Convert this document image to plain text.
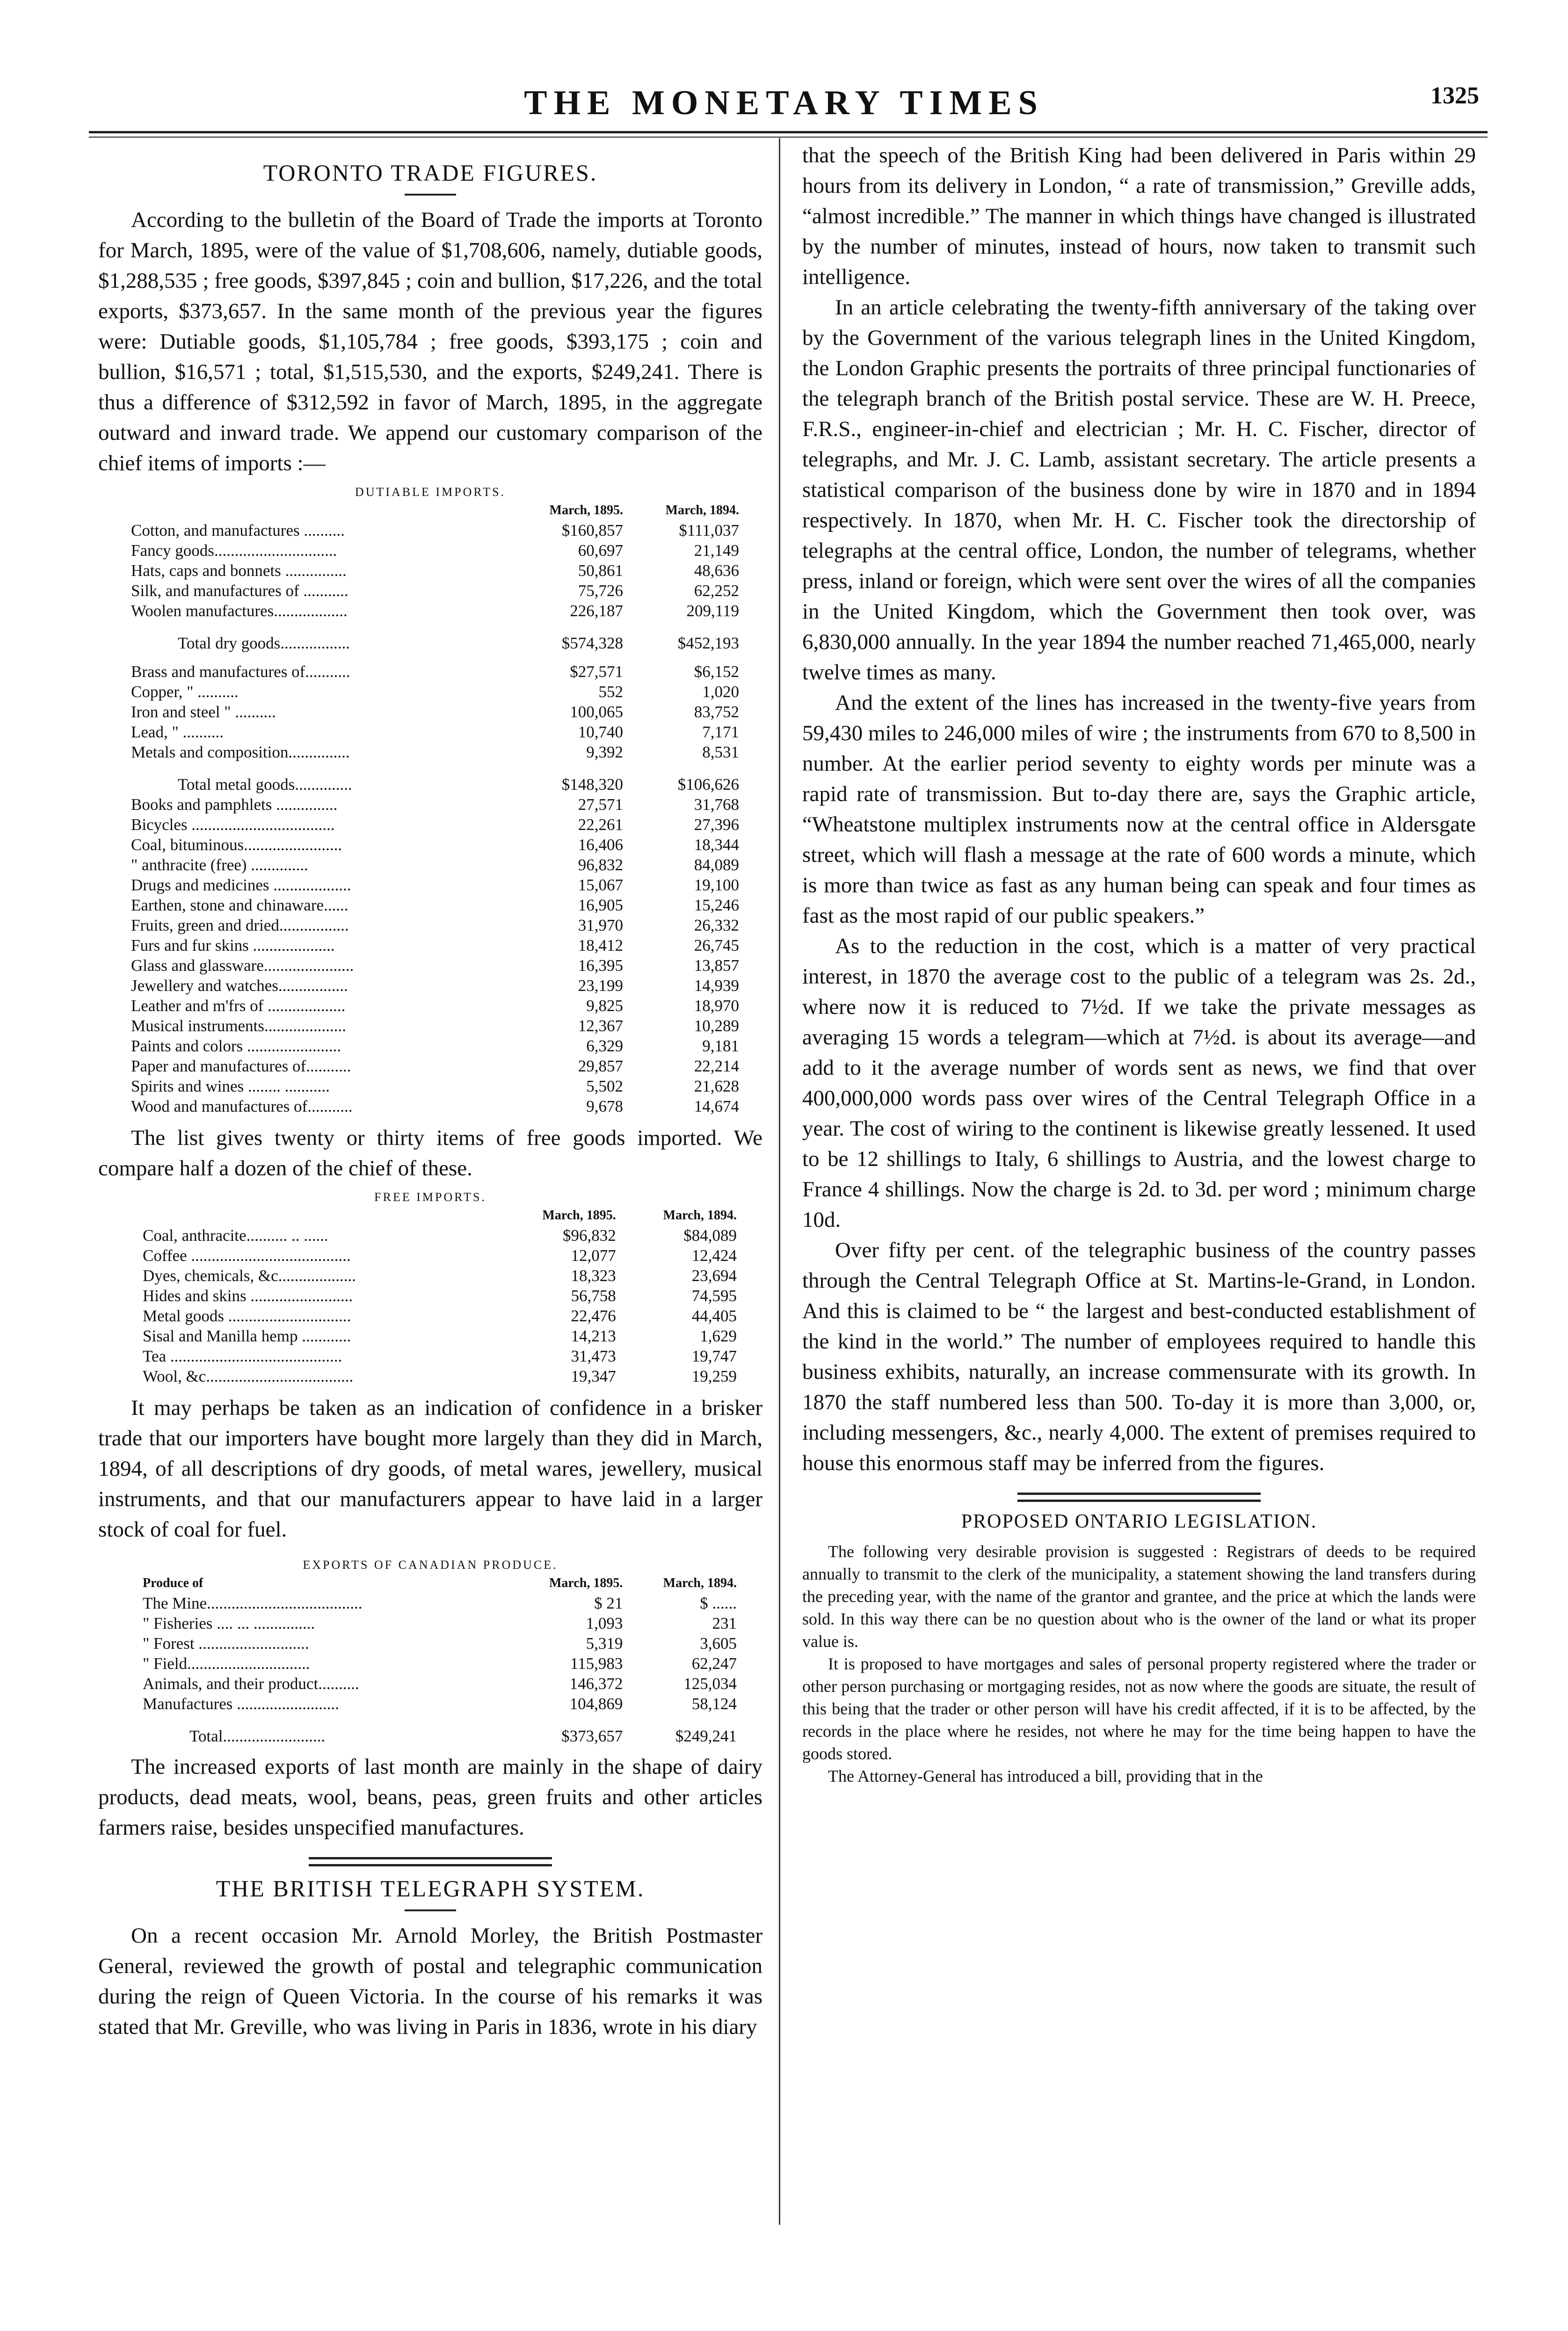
THE MONETARY TIMES	1325
TORONTO TRADE FIGURES.

According to the bulletin of the Board of Trade the imports at Toronto for March, 1895, were of the value of $1,708,606, namely, dutiable goods, $1,288,535 ; free goods, $397,845 ; coin and bullion, $17,226, and the total exports, $373,657. In the same month of the previous year the figures were: Dutiable goods, $1,105,784 ; free goods, $393,175 ; coin and bullion, $16,571 ; total, $1,515,530, and the exports, $249,241. There is thus a difference of $312,592 in favor of March, 1895, in the aggregate outward and inward trade. We append our customary comparison of the chief items of imports :—

DUTIABLE IMPORTS.
	March, 1895.	March, 1894.
Cotton, and manufactures ..........	$160,857	$111,037
Fancy goods..............................	60,697	21,149
Hats, caps and bonnets ...............	50,861	48,636
Silk, and manufactures of ...........	75,726	62,252
Woolen manufactures..................	226,187	209,119
Total dry goods.................	$574,328	$452,193
Brass and manufactures of...........	$27,571	$6,152
Copper, " ..........	552	1,020
Iron and steel " ..........	100,065	83,752
Lead, " ..........	10,740	7,171
Metals and composition...............	9,392	8,531
Total metal goods..............	$148,320	$106,626
Books and pamphlets ...............	27,571	31,768
Bicycles ...................................	22,261	27,396
Coal, bituminous........................	16,406	18,344
" anthracite (free) ..............	96,832	84,089
Drugs and medicines ...................	15,067	19,100
Earthen, stone and chinaware......	16,905	15,246
Fruits, green and dried.................	31,970	26,332
Furs and fur skins ....................	18,412	26,745
Glass and glassware......................	16,395	13,857
Jewellery and watches.................	23,199	14,939
Leather and m'frs of ...................	9,825	18,970
Musical instruments....................	12,367	10,289
Paints and colors .......................	6,329	9,181
Paper and manufactures of...........	29,857	22,214
Spirits and wines ........ ...........	5,502	21,628
Wood and manufactures of...........	9,678	14,674

The list gives twenty or thirty items of free goods imported. We compare half a dozen of the chief of these.

FREE IMPORTS.
	March, 1895.	March, 1894.
Coal, anthracite.......... .. ......	$96,832	$84,089
Coffee .......................................	12,077	12,424
Dyes, chemicals, &c...................	18,323	23,694
Hides and skins .........................	56,758	74,595
Metal goods ..............................	22,476	44,405
Sisal and Manilla hemp ............	14,213	1,629
Tea ..........................................	31,473	19,747
Wool, &c....................................	19,347	19,259

It may perhaps be taken as an indication of confidence in a brisker trade that our importers have bought more largely than they did in March, 1894, of all descriptions of dry goods, of metal wares, jewellery, musical instruments, and that our manufacturers appear to have laid in a larger stock of coal for fuel.

EXPORTS OF CANADIAN PRODUCE.
Produce of	March, 1895.	March, 1894.
The Mine......................................	$ 21	$ ......
" Fisheries .... ... ...............	1,093	231
" Forest ...........................	5,319	3,605
" Field..............................	115,983	62,247
Animals, and their product..........	146,372	125,034
Manufactures .........................	104,869	58,124
Total.........................	$373,657	$249,241

The increased exports of last month are mainly in the shape of dairy products, dead meats, wool, beans, peas, green fruits and other articles farmers raise, besides unspecified manufactures.

THE BRITISH TELEGRAPH SYSTEM.

On a recent occasion Mr. Arnold Morley, the British Postmaster General, reviewed the growth of postal and telegraphic communication during the reign of Queen Victoria. In the course of his remarks it was stated that Mr. Greville, who was living in Paris in 1836, wrote in his diary

that the speech of the British King had been delivered in Paris within 29 hours from its delivery in London, “ a rate of transmission,” Greville adds, “almost incredible.” The manner in which things have changed is illustrated by the number of minutes, instead of hours, now taken to transmit such intelligence.

In an article celebrating the twenty-fifth anniversary of the taking over by the Government of the various telegraph lines in the United Kingdom, the London Graphic presents the portraits of three principal functionaries of the telegraph branch of the British postal service. These are W. H. Preece, F.R.S., engineer-in-chief and electrician ; Mr. H. C. Fischer, director of telegraphs, and Mr. J. C. Lamb, assistant secretary. The article presents a statistical comparison of the business done by wire in 1870 and in 1894 respectively. In 1870, when Mr. H. C. Fischer took the directorship of telegraphs at the central office, London, the number of telegrams, whether press, inland or foreign, which were sent over the wires of all the companies in the United Kingdom, which the Government then took over, was 6,830,000 annually. In the year 1894 the number reached 71,465,000, nearly twelve times as many.

And the extent of the lines has increased in the twenty-five years from 59,430 miles to 246,000 miles of wire ; the instruments from 670 to 8,500 in number. At the earlier period seventy to eighty words per minute was a rapid rate of transmission. But to-day there are, says the Graphic article, “Wheatstone multiplex instruments now at the central office in Aldersgate street, which will flash a message at the rate of 600 words a minute, which is more than twice as fast as any human being can speak and four times as fast as the most rapid of our public speakers.”

As to the reduction in the cost, which is a matter of very practical interest, in 1870 the average cost to the public of a telegram was 2s. 2d., where now it is reduced to 7½d. If we take the private messages as averaging 15 words a telegram—which at 7½d. is about its average—and add to it the average number of words sent as news, we find that over 400,000,000 words pass over wires of the Central Telegraph Office in a year. The cost of wiring to the continent is likewise greatly lessened. It used to be 12 shillings to Italy, 6 shillings to Austria, and the lowest charge to France 4 shillings. Now the charge is 2d. to 3d. per word ; minimum charge 10d.

Over fifty per cent. of the telegraphic business of the country passes through the Central Telegraph Office at St. Martins-le-Grand, in London. And this is claimed to be “ the largest and best-conducted establishment of the kind in the world.” The number of employees required to handle this business exhibits, naturally, an increase commensurate with its growth. In 1870 the staff numbered less than 500. To-day it is more than 3,000, or, including messengers, &c., nearly 4,000. The extent of premises required to house this enormous staff may be inferred from the figures.

PROPOSED ONTARIO LEGISLATION.

The following very desirable provision is suggested : Registrars of deeds to be required annually to transmit to the clerk of the municipality, a statement showing the land transfers during the preceding year, with the name of the grantor and grantee, and the price at which the lands were sold. In this way there can be no question about who is the owner of the land or what its proper value is.

It is proposed to have mortgages and sales of personal property registered where the trader or other person purchasing or mortgaging resides, not as now where the goods are situate, the result of this being that the trader or other person will have his credit affected, if it is to be affected, by the records in the place where he resides, not where he may for the time being happen to have the goods stored.

The Attorney-General has introduced a bill, providing that in the
